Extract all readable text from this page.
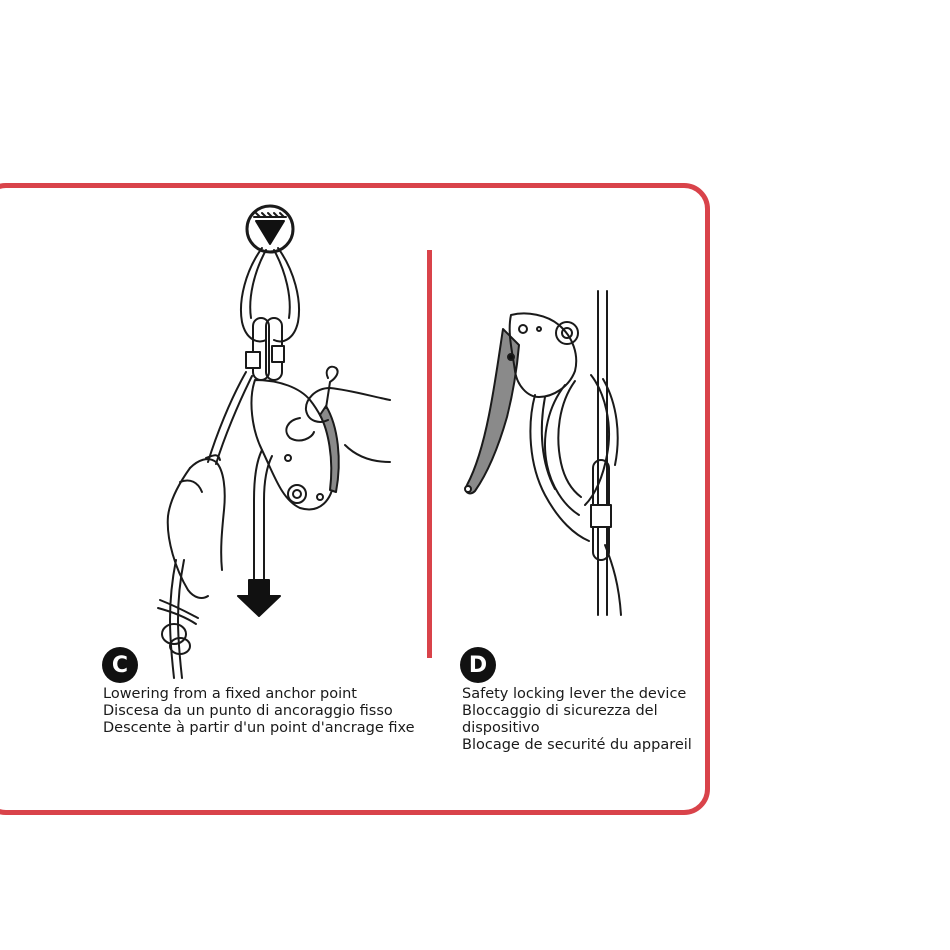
C
Lowering from a fixed anchor point
Discesa da un punto di ancoraggio fisso
Descente à partir d'un point d'ancrage fixe
D
Safety locking lever the device
Bloccaggio di sicurezza del
dispositivo
Blocage de securité du appareil
